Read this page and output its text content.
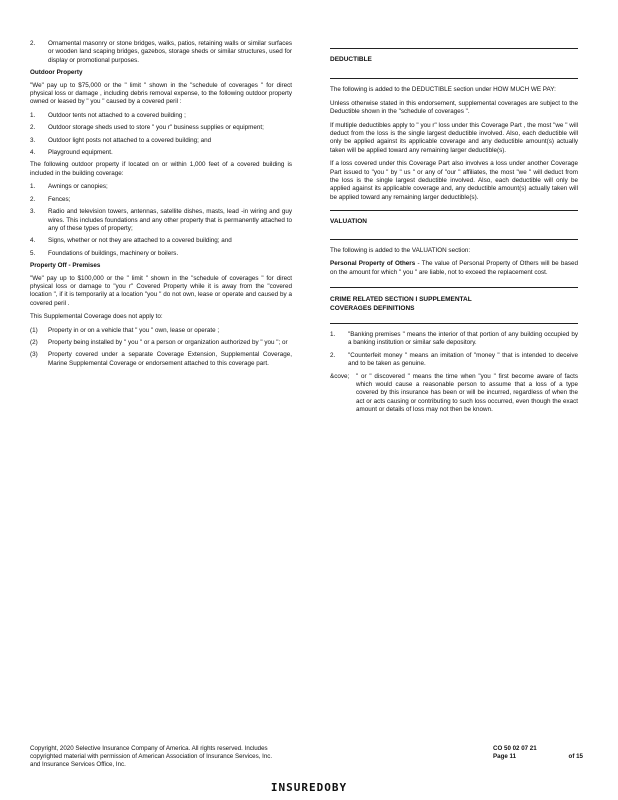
2.	Ornamental masonry or stone bridges, walks, patios, retaining walls or similar surfaces or wooden land scaping bridges, gazebos, storage sheds or similar structures, used for display or promotional purposes.
Outdoor Property

"We" pay up to $75,000 or the " limit " shown in the "schedule of coverages " for direct physical loss or damage , including debris removal expense, to the following outdoor property owned or leased by " you " caused by a covered peril :

1.	Outdoor tents not attached to a covered building ;
2.	Outdoor storage sheds used to store " you r" business supplies or equipment;
3.	Outdoor light posts not attached to a covered building; and
4.	Playground equipment.

The following outdoor property if located on or within 1,000 feet of a covered building is included in the building coverage:

1.	Awnings or canopies;
2.	Fences;
3.	Radio and television towers, antennas, satellite dishes, masts, lead -in wiring and guy wires. This includes foundations and any other property that is permanently attached to any of these types of property;
4.	Signs, whether or not they are attached to a covered building; and
5.	Foundations of buildings, machinery or boilers.
Property Off - Premises

"We" pay up to $100,000 or the " limit " shown in the "schedule of coverages " for direct physical loss or damage to "you r" Covered Property while it is away from the "covered location ", if it is temporarily at a location "you " do not own, lease or operate and caused by a covered peril .

This Supplemental Coverage does not apply to:

(1)	Property in or on a vehicle that " you " own, lease or operate ;
(2)	Property being installed by " you " or a person or organization authorized by " you "; or
(3)	Property covered under a separate Coverage Extension, Supplemental Coverage, Marine Supplemental Coverage or endorsement attached to this coverage part.
DEDUCTIBLE

The following is added to the DEDUCTIBLE section under HOW MUCH WE PAY:

Unless otherwise stated in this endorsement, supplemental coverages are subject to the Deductible shown in the "schedule of coverages ".

If multiple deductibles apply to " you r" loss under this Coverage Part , the most "we " will deduct from the loss is the single largest deductible involved. Also, each deductible will only be applied against its applicable coverage and any deductible amount(s) actually taken will be applied toward any remaining larger deductible(s).

If a loss covered under this Coverage Part also involves a loss under another Coverage Part issued to "you " by " us " or any of "our " affiliates, the most "we " will deduct from the loss is the single largest deductible involved. Also, each deductible will only be applied against its applicable coverage and, any deductible amount(s) actually taken will be applied toward any remaining larger deductible(s).

VALUATION

The following is added to the VALUATION section:

Personal Property of Others - The value of Personal Property of Others will be based on the amount for which " you " are liable, not to exceed the replacement cost.

CRIME RELATED SECTION I SUPPLEMENTAL
COVERAGES DEFINITIONS
1.	"Banking premises " means the interior of that portion of any building occupied by a banking institution or similar safe depository.
2.	"Counterfeit money " means an imitation of "money " that is intended to deceive and to be taken as genuine.
&cove;	" or " discovered " means the time when "you " first become aware of facts which would cause a reasonable person to assume that a loss of a type covered by this insurance has been or will be incurred, regardless of when the act or acts causing or contributing to such loss occurred, even though the exact amount or details of loss may not then be known.
Copyright, 2020 Selective Insurance Company of America. All rights reserved. Includes
copyrighted material with permission of American Association of Insurance Services, Inc.
and Insurance Services Office, Inc.
CO 50 02 07 21
Page 11	of 15
INSUREDOBY
